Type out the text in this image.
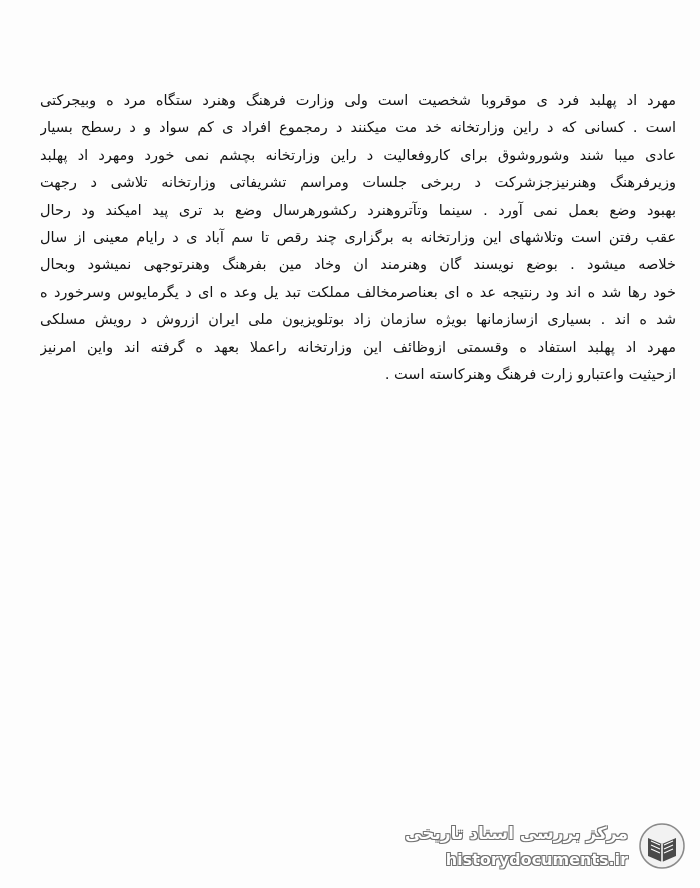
مهرد اد پهلبد فرد ی موقروبا شخصیت است ولی وزارت فرهنگ وهنرد ستگاه مرد ه وبیجرکتی
است . کسانی که د راین وزارتخانه خد مت میکنند د رمجموع افراد ی کم سواد و د رسطح بسیار
عادی میبا شند وشوروشوق برای کاروفعالیت د راین وزارتخانه بچشم نمی خورد ومهرد اد پهلبد
وزیرفرهنگ وهنرنیزجزشرکت د ربرخی جلسات ومراسم تشریفاتی وزارتخانه تلاشی د رجهت
بهبود وضع بعمل نمی آورد . سینما وتآتروهنرد رکشورهرسال وضع بد تری پید امیکند ود رحال
عقب رفتن است وتلاشهای این وزارتخانه به برگزاری چند رقص تا سم آباد ی د رایام معینی از سال
خلاصه میشود . بوضع نویسند گان وهنرمند ان وخاد مین بفرهنگ وهنرتوجهی نمیشود وبحال
خود رها شد ه اند ود رنتیجه عد ه ای بعناصرمخالف مملکت تبد یل وعد ه ای د یگرمایوس وسرخورد ه
شد ه اند . بسیاری ازسازمانها بویژه سازمان زاد بوتلویزیون ملی ایران ازروش د رویش مسلکی
مهرد اد پهلبد استفاد ه وقسمتی ازوظائف این وزارتخانه راعملا بعهد ه گرفته اند واین امرنیز
ازحیثیت واعتبارو زارت فرهنگ وهنرکاسته است .
مرکز بررسی اسناد تاریخی
historydocuments.ir
